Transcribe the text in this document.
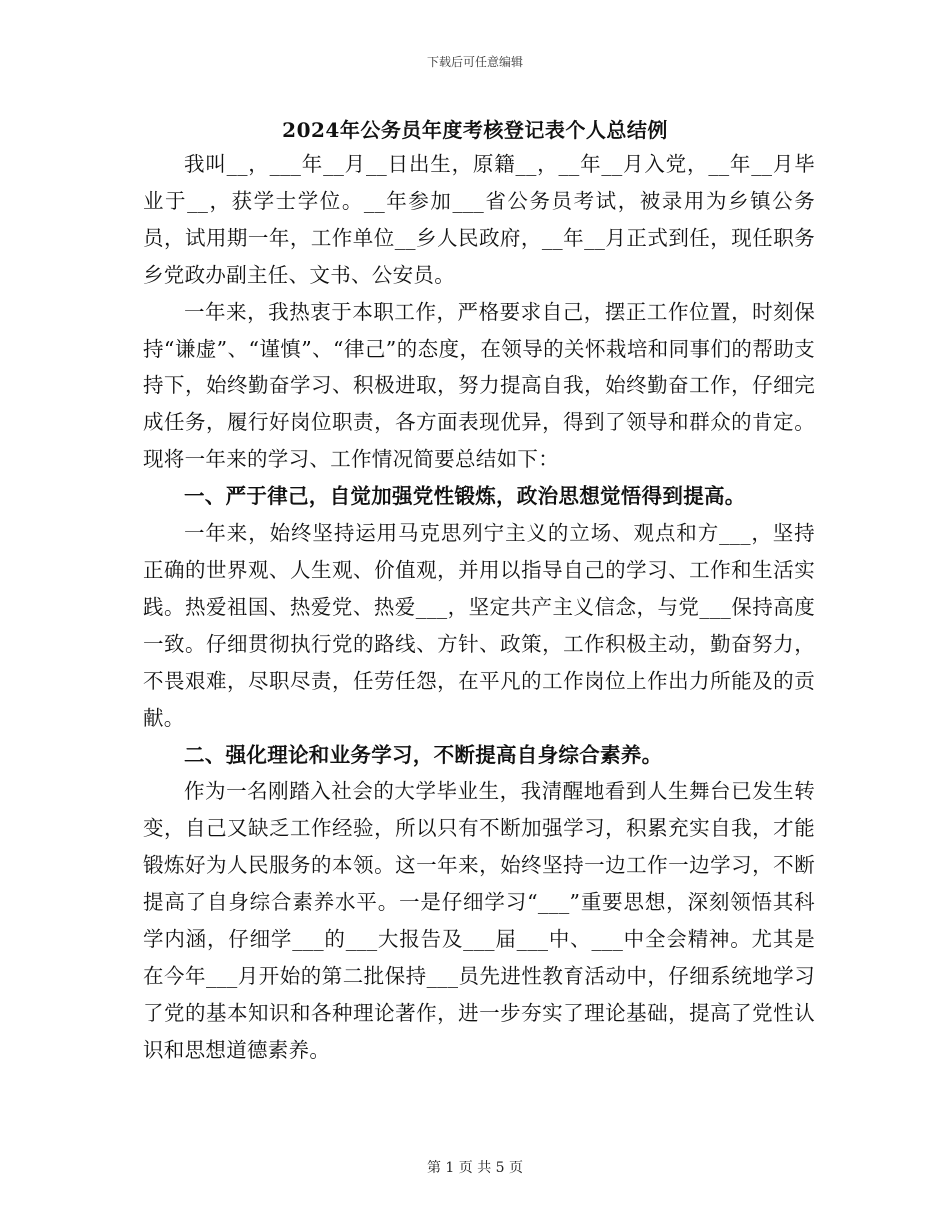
下载后可任意编辑
2024年公务员年度考核登记表个人总结例

我叫__，___年__月__日出生，原籍__，__年__月入党，__年__月毕业于__，获学士学位。__年参加___省公务员考试，被录用为乡镇公务员，试用期一年，工作单位__乡人民政府，__年__月正式到任，现任职务乡党政办副主任、文书、公安员。

一年来，我热衷于本职工作，严格要求自己，摆正工作位置，时刻保持“谦虚”、“谨慎”、“律己”的态度，在领导的关怀栽培和同事们的帮助支持下，始终勤奋学习、积极进取，努力提高自我，始终勤奋工作，仔细完成任务，履行好岗位职责，各方面表现优异，得到了领导和群众的肯定。现将一年来的学习、工作情况简要总结如下：

一、严于律己，自觉加强党性锻炼，政治思想觉悟得到提高。

一年来，始终坚持运用马克思列宁主义的立场、观点和方___，坚持正确的世界观、人生观、价值观，并用以指导自己的学习、工作和生活实践。热爱祖国、热爱党、热爱___，坚定共产主义信念，与党___保持高度一致。仔细贯彻执行党的路线、方针、政策，工作积极主动，勤奋努力，不畏艰难，尽职尽责，任劳任怨，在平凡的工作岗位上作出力所能及的贡献。

二、强化理论和业务学习，不断提高自身综合素养。

作为一名刚踏入社会的大学毕业生，我清醒地看到人生舞台已发生转变，自己又缺乏工作经验，所以只有不断加强学习，积累充实自我，才能锻炼好为人民服务的本领。这一年来，始终坚持一边工作一边学习，不断提高了自身综合素养水平。一是仔细学习“___”重要思想，深刻领悟其科学内涵，仔细学___的___大报告及___届___中、___中全会精神。尤其是在今年___月开始的第二批保持___员先进性教育活动中，仔细系统地学习了党的基本知识和各种理论著作，进一步夯实了理论基础，提高了党性认识和思想道德素养。

第 1 页 共 5 页
